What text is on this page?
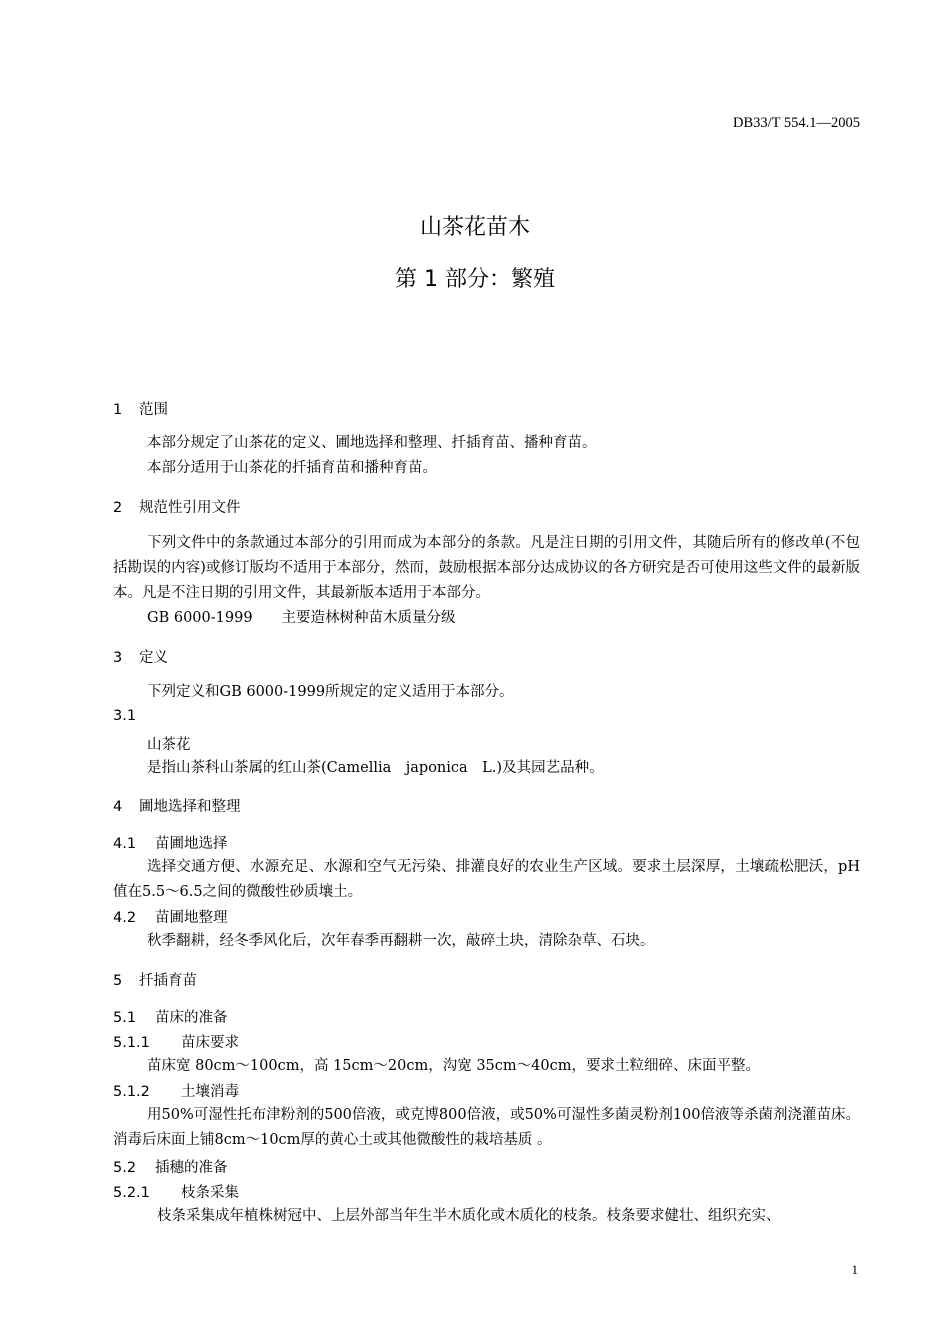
DB33/T 554.1—2005
山茶花苗木
第 1 部分：繁殖
1 范围
本部分规定了山茶花的定义、圃地选择和整理、扦插育苗、播种育苗。
本部分适用于山茶花的扦插育苗和播种育苗。
2 规范性引用文件
下列文件中的条款通过本部分的引用而成为本部分的条款。凡是注日期的引用文件，其随后所有的修改单(不包括勘误的内容)或修订版均不适用于本部分，然而，鼓励根据本部分达成协议的各方研究是否可使用这些文件的最新版本。凡是不注日期的引用文件，其最新版本适用于本部分。
GB 6000-1999　　主要造林树种苗木质量分级
3 定义
下列定义和GB 6000-1999所规定的定义适用于本部分。
3.1
山茶花
是指山茶科山茶属的红山茶(Camellia　japonica　L.)及其园艺品种。
4 圃地选择和整理
4.1 苗圃地选择
选择交通方便、水源充足、水源和空气无污染、排灌良好的农业生产区域。要求土层深厚，土壤疏松肥沃，pH值在5.5～6.5之间的微酸性砂质壤土。
4.2 苗圃地整理
秋季翻耕，经冬季风化后，次年春季再翻耕一次，敲碎土块，清除杂草、石块。
5 扦插育苗
5.1 苗床的准备
5.1.1 苗床要求
苗床宽 80cm～100cm，高 15cm～20cm，沟宽 35cm～40cm，要求土粒细碎、床面平整。
5.1.2 土壤消毒
用50%可湿性托布津粉剂的500倍液，或克博800倍液，或50%可湿性多菌灵粉剂100倍液等杀菌剂浇灌苗床。消毒后床面上铺8cm～10cm厚的黄心土或其他微酸性的栽培基质 。
5.2 插穗的准备
5.2.1 枝条采集
枝条采集成年植株树冠中、上层外部当年生半木质化或木质化的枝条。枝条要求健壮、组织充实、
1
